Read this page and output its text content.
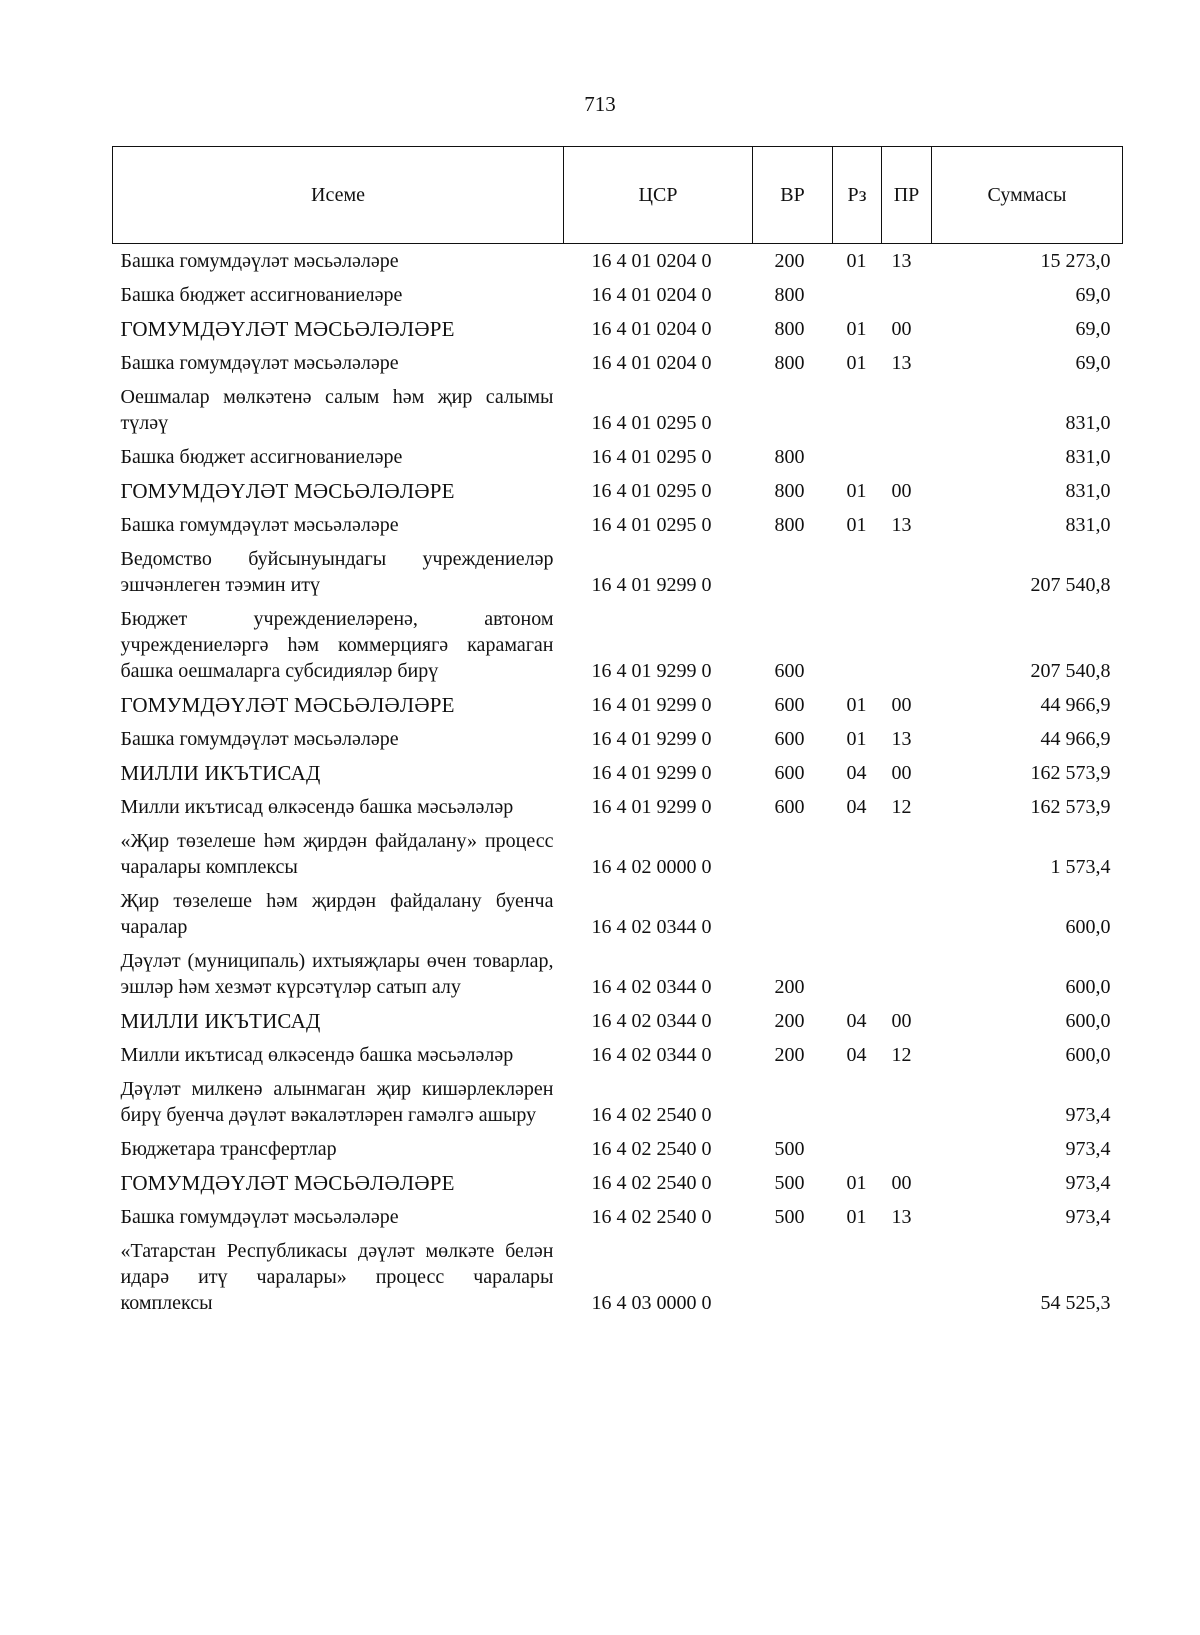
713
Исеме	ЦСР	ВР	Рз	ПР	Суммасы
Башка гомумдәүләт мәсьәләләре	16 4 01 0204 0	200	01	13	15 273,0
Башка бюджет ассигнованиеләре	16 4 01 0204 0	800			69,0
ГОМУМДӘҮЛӘТ МӘСЬӘЛӘЛӘРЕ	16 4 01 0204 0	800	01	00	69,0
Башка гомумдәүләт мәсьәләләре	16 4 01 0204 0	800	01	13	69,0
Оешмалар мөлкәтенә салым һәм җир салымы түләү	16 4 01 0295 0				831,0
Башка бюджет ассигнованиеләре	16 4 01 0295 0	800			831,0
ГОМУМДӘҮЛӘТ МӘСЬӘЛӘЛӘРЕ	16 4 01 0295 0	800	01	00	831,0
Башка гомумдәүләт мәсьәләләре	16 4 01 0295 0	800	01	13	831,0
Ведомство буйсынуындагы учреждениеләр эшчәнлеген тәэмин итү	16 4 01 9299 0				207 540,8
Бюджет учреждениеләренә, автоном учреждениеләргә һәм коммерциягә карамаган башка оешмаларга субсидияләр бирү	16 4 01 9299 0	600			207 540,8
ГОМУМДӘҮЛӘТ МӘСЬӘЛӘЛӘРЕ	16 4 01 9299 0	600	01	00	44 966,9
Башка гомумдәүләт мәсьәләләре	16 4 01 9299 0	600	01	13	44 966,9
МИЛЛИ ИКЪТИСАД	16 4 01 9299 0	600	04	00	162 573,9
Милли икътисад өлкәсендә башка мәсьәләләр	16 4 01 9299 0	600	04	12	162 573,9
«Җир төзелеше һәм җирдән файдалану» процесс чаралары комплексы	16 4 02 0000 0				1 573,4
Җир төзелеше һәм җирдән файдалану буенча чаралар	16 4 02 0344 0				600,0
Дәүләт (муниципаль) ихтыяҗлары өчен товарлар, эшләр һәм хезмәт күрсәтүләр сатып алу	16 4 02 0344 0	200			600,0
МИЛЛИ ИКЪТИСАД	16 4 02 0344 0	200	04	00	600,0
Милли икътисад өлкәсендә башка мәсьәләләр	16 4 02 0344 0	200	04	12	600,0
Дәүләт милкенә алынмаган җир кишәрлекләрен бирү буенча дәүләт вәкаләтләрен гамәлгә ашыру	16 4 02 2540 0				973,4
Бюджетара трансфертлар	16 4 02 2540 0	500			973,4
ГОМУМДӘҮЛӘТ МӘСЬӘЛӘЛӘРЕ	16 4 02 2540 0	500	01	00	973,4
Башка гомумдәүләт мәсьәләләре	16 4 02 2540 0	500	01	13	973,4
«Татарстан Республикасы дәүләт мөлкәте белән идарә итү чаралары» процесс чаралары комплексы	16 4 03 0000 0				54 525,3
